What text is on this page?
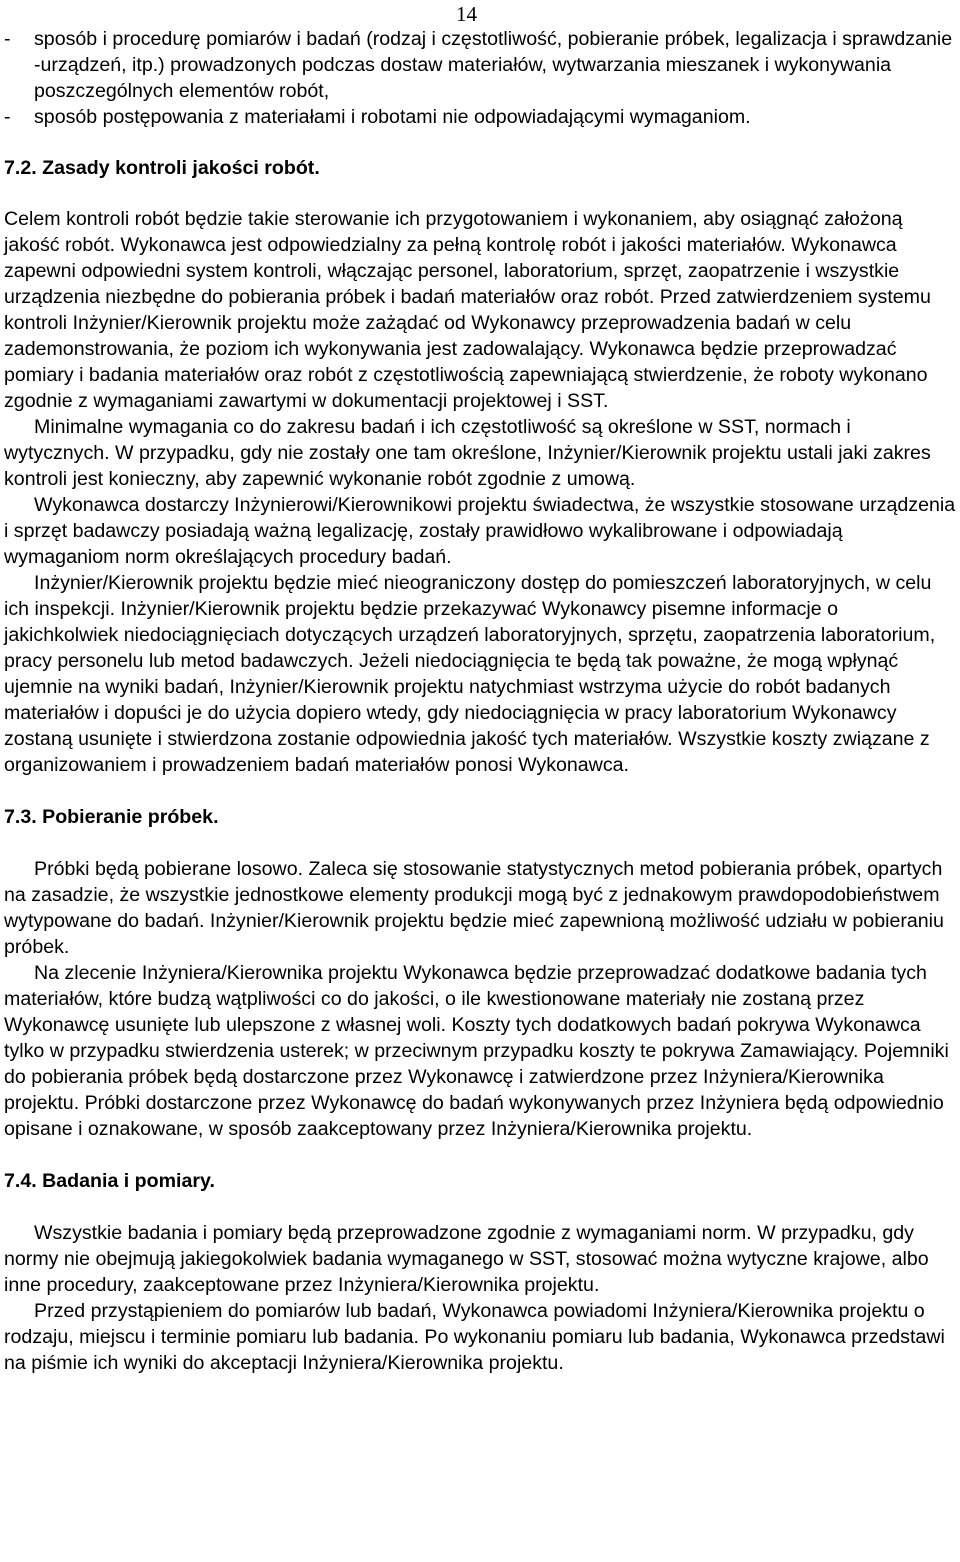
14
-	sposób i procedurę pomiarów i badań (rodzaj i częstotliwość, pobieranie próbek, legalizacja i sprawdzanie -urządzeń, itp.) prowadzonych podczas dostaw materiałów, wytwarzania mieszanek i wykonywania poszczególnych elementów robót,
-	sposób postępowania z materiałami i robotami nie odpowiadającymi wymaganiom.

7.2. Zasady kontroli jakości robót.

Celem kontroli robót będzie takie sterowanie ich przygotowaniem i wykonaniem, aby osiągnąć założoną jakość robót. Wykonawca jest odpowiedzialny za pełną kontrolę robót i jakości materiałów. Wykonawca zapewni odpowiedni system kontroli, włączając personel, laboratorium, sprzęt, zaopatrzenie i wszystkie urządzenia niezbędne do pobierania próbek i badań materiałów oraz robót. Przed zatwierdzeniem systemu kontroli Inżynier/Kierownik projektu może zażądać od Wykonawcy przeprowadzenia badań w celu zademonstrowania, że poziom ich wykonywania jest zadowalający. Wykonawca będzie przeprowadzać pomiary i badania materiałów oraz robót z częstotliwością zapewniającą stwierdzenie, że roboty wykonano zgodnie z wymaganiami zawartymi w dokumentacji projektowej i SST.

Minimalne wymagania co do zakresu badań i ich częstotliwość są określone w SST, normach i wytycznych. W przypadku, gdy nie zostały one tam określone, Inżynier/Kierownik projektu ustali jaki zakres kontroli jest konieczny, aby zapewnić wykonanie robót zgodnie z umową.

Wykonawca dostarczy Inżynierowi/Kierownikowi projektu świadectwa, że wszystkie stosowane urządzenia i sprzęt badawczy posiadają ważną legalizację, zostały prawidłowo wykalibrowane i odpowiadają wymaganiom norm określających procedury badań.

Inżynier/Kierownik projektu będzie mieć nieograniczony dostęp do pomieszczeń laboratoryjnych, w celu ich inspekcji. Inżynier/Kierownik projektu będzie przekazywać Wykonawcy pisemne informacje o jakichkolwiek niedociągnięciach dotyczących urządzeń laboratoryjnych, sprzętu, zaopatrzenia laboratorium, pracy personelu lub metod badawczych. Jeżeli niedociągnięcia te będą tak poważne, że mogą wpłynąć ujemnie na wyniki badań, Inżynier/Kierownik projektu natychmiast wstrzyma użycie do robót badanych materiałów i dopuści je do użycia dopiero wtedy, gdy niedociągnięcia w pracy laboratorium Wykonawcy zostaną usunięte i stwierdzona zostanie odpowiednia jakość tych materiałów. Wszystkie koszty związane z organizowaniem i prowadzeniem badań materiałów ponosi Wykonawca.

7.3. Pobieranie próbek.

Próbki będą pobierane losowo. Zaleca się stosowanie statystycznych metod pobierania próbek, opartych na zasadzie, że wszystkie jednostkowe elementy produkcji mogą być z jednakowym prawdopodobieństwem wytypowane do badań. Inżynier/Kierownik projektu będzie mieć zapewnioną możliwość udziału w pobieraniu próbek.

Na zlecenie Inżyniera/Kierownika projektu Wykonawca będzie przeprowadzać dodatkowe badania tych materiałów, które budzą wątpliwości co do jakości, o ile kwestionowane materiały nie zostaną przez Wykonawcę usunięte lub ulepszone z własnej woli. Koszty tych dodatkowych badań pokrywa Wykonawca tylko w przypadku stwierdzenia usterek; w przeciwnym przypadku koszty te pokrywa Zamawiający. Pojemniki do pobierania próbek będą dostarczone przez Wykonawcę i zatwierdzone przez Inżyniera/Kierownika projektu. Próbki dostarczone przez Wykonawcę do badań wykonywanych przez Inżyniera będą odpowiednio opisane i oznakowane, w sposób zaakceptowany przez Inżyniera/Kierownika projektu.

7.4. Badania i pomiary.

Wszystkie badania i pomiary będą przeprowadzone zgodnie z wymaganiami norm. W przypadku, gdy normy nie obejmują jakiegokolwiek badania wymaganego w SST, stosować można wytyczne krajowe, albo inne procedury, zaakceptowane przez Inżyniera/Kierownika projektu.

Przed przystąpieniem do pomiarów lub badań, Wykonawca powiadomi Inżyniera/Kierownika projektu o rodzaju, miejscu i terminie pomiaru lub badania. Po wykonaniu pomiaru lub badania, Wykonawca przedstawi na piśmie ich wyniki do akceptacji Inżyniera/Kierownika projektu.
